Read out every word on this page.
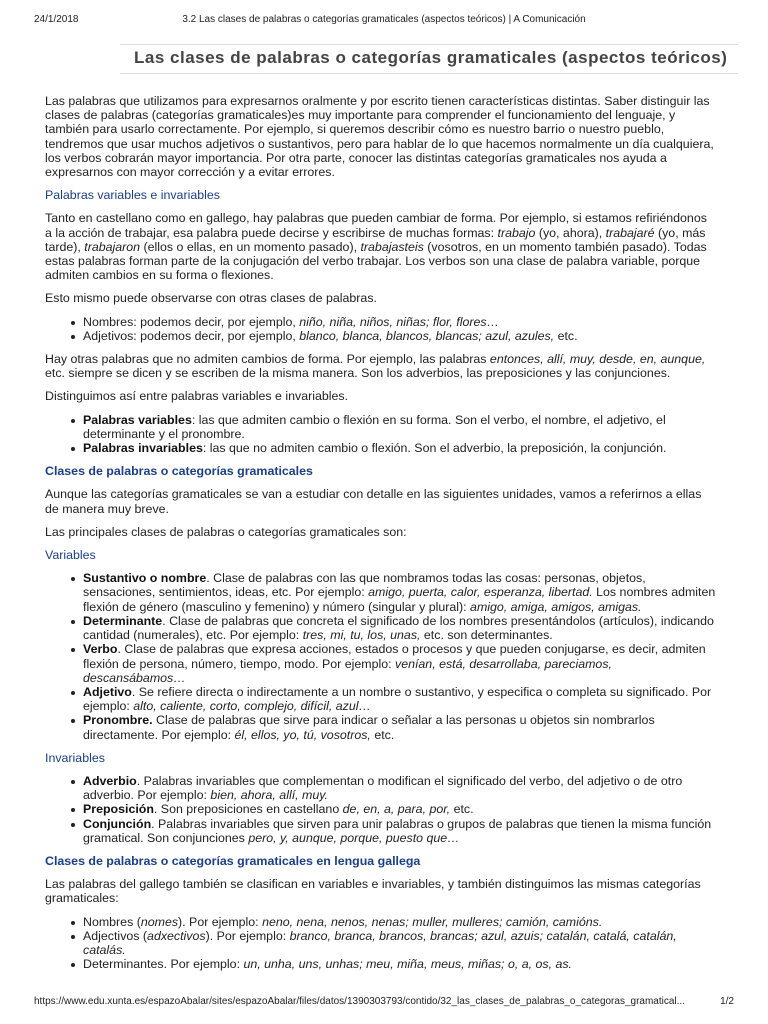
24/1/2018	3.2 Las clases de palabras o categorías gramaticales (aspectos teóricos) | A Comunicación
Las clases de palabras o categorías gramaticales (aspectos teóricos)

Las palabras que utilizamos para expresarnos oralmente y por escrito tienen características distintas. Saber distinguir las clases de palabras (categorías gramaticales)es muy importante para comprender el funcionamiento del lenguaje, y también para usarlo correctamente. Por ejemplo, si queremos describir cómo es nuestro barrio o nuestro pueblo, tendremos que usar muchos adjetivos o sustantivos, pero para hablar de lo que hacemos normalmente un día cualquiera, los verbos cobrarán mayor importancia. Por otra parte, conocer las distintas categorías gramaticales nos ayuda a expresarnos con mayor corrección y a evitar errores.

Palabras variables e invariables

Tanto en castellano como en gallego, hay palabras que pueden cambiar de forma. Por ejemplo, si estamos refiriéndonos a la acción de trabajar, esa palabra puede decirse y escribirse de muchas formas: trabajo (yo, ahora), trabajaré (yo, más tarde), trabajaron (ellos o ellas, en un momento pasado), trabajasteis (vosotros, en un momento también pasado). Todas estas palabras forman parte de la conjugación del verbo trabajar. Los verbos son una clase de palabra variable, porque admiten cambios en su forma o flexiones.

Esto mismo puede observarse con otras clases de palabras.

Nombres: podemos decir, por ejemplo, niño, niña, niños, niñas; flor, flores…
Adjetivos: podemos decir, por ejemplo, blanco, blanca, blancos, blancas; azul, azules, etc.

Hay otras palabras que no admiten cambios de forma. Por ejemplo, las palabras entonces, allí, muy, desde, en, aunque, etc. siempre se dicen y se escriben de la misma manera. Son los adverbios, las preposiciones y las conjunciones.

Distinguimos así entre palabras variables e invariables.

Palabras variables: las que admiten cambio o flexión en su forma. Son el verbo, el nombre, el adjetivo, el determinante y el pronombre.
Palabras invariables: las que no admiten cambio o flexión. Son el adverbio, la preposición, la conjunción.

Clases de palabras o categorías gramaticales

Aunque las categorías gramaticales se van a estudiar con detalle en las siguientes unidades, vamos a referirnos a ellas de manera muy breve.

Las principales clases de palabras o categorías gramaticales son:

Variables

Sustantivo o nombre. Clase de palabras con las que nombramos todas las cosas: personas, objetos, sensaciones, sentimientos, ideas, etc. Por ejemplo: amigo, puerta, calor, esperanza, libertad. Los nombres admiten flexión de género (masculino y femenino) y número (singular y plural): amigo, amiga, amigos, amigas.
Determinante. Clase de palabras que concreta el significado de los nombres presentándolos (artículos), indicando cantidad (numerales), etc. Por ejemplo: tres, mi, tu, los, unas, etc. son determinantes.
Verbo. Clase de palabras que expresa acciones, estados o procesos y que pueden conjugarse, es decir, admiten flexión de persona, número, tiempo, modo. Por ejemplo: venían, está, desarrollaba, pareciamos, descansábamos…
Adjetivo. Se refiere directa o indirectamente a un nombre o sustantivo, y especifica o completa su significado. Por ejemplo: alto, caliente, corto, complejo, difícil, azul…
Pronombre. Clase de palabras que sirve para indicar o señalar a las personas u objetos sin nombrarlos directamente. Por ejemplo: él, ellos, yo, tú, vosotros, etc.

Invariables

Adverbio. Palabras invariables que complementan o modifican el significado del verbo, del adjetivo o de otro adverbio. Por ejemplo: bien, ahora, allí, muy.
Preposición. Son preposiciones en castellano de, en, a, para, por, etc.
Conjunción. Palabras invariables que sirven para unir palabras o grupos de palabras que tienen la misma función gramatical. Son conjunciones pero, y, aunque, porque, puesto que…

Clases de palabras o categorías gramaticales en lengua gallega

Las palabras del gallego también se clasifican en variables e invariables, y también distinguimos las mismas categorías gramaticales:

Nombres (nomes). Por ejemplo: neno, nena, nenos, nenas; muller, mulleres; camión, camións.
Adjectivos (adxectivos). Por ejemplo: branco, branca, brancos, brancas; azul, azuis; catalán, catalá, catalán, catalás.
Determinantes. Por ejemplo: un, unha, uns, unhas; meu, miña, meus, miñas; o, a, os, as.
https://www.edu.xunta.es/espazoAbalar/sites/espazoAbalar/files/datos/1390303793/contido/32_las_clases_de_palabras_o_categoras_gramatical...	1/2
